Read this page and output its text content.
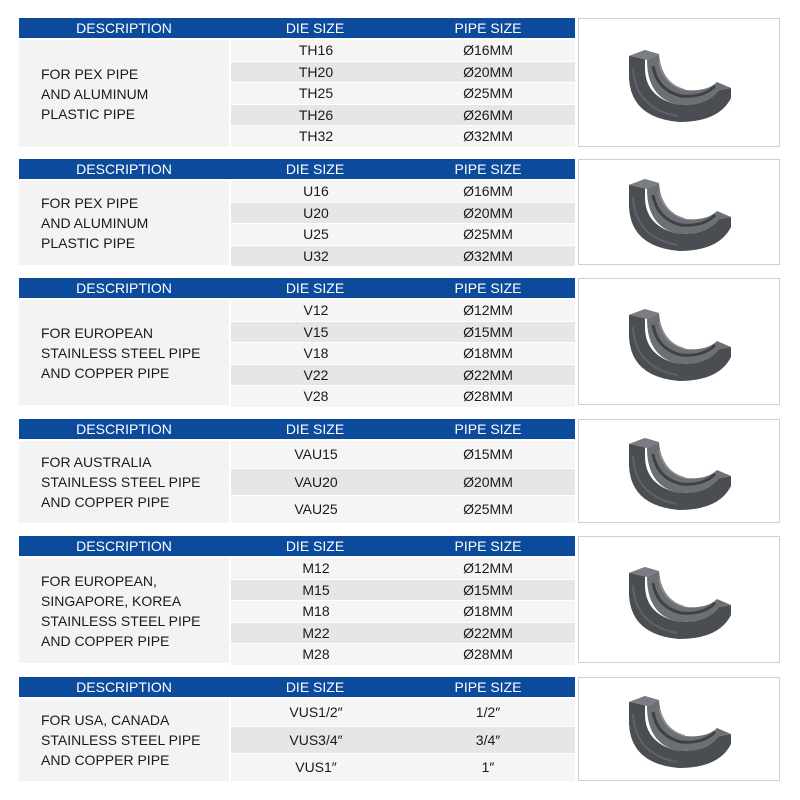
DESCRIPTION	DIE SIZE	PIPE SIZE
FOR PEX PIPE
AND ALUMINUM
PLASTIC PIPE
TH16	Ø16MM
TH20	Ø20MM
TH25	Ø25MM
TH26	Ø26MM
TH32	Ø32MM
DESCRIPTION	DIE SIZE	PIPE SIZE
FOR PEX PIPE
AND ALUMINUM
PLASTIC PIPE
U16	Ø16MM
U20	Ø20MM
U25	Ø25MM
U32	Ø32MM
DESCRIPTION	DIE SIZE	PIPE SIZE
FOR EUROPEAN
STAINLESS STEEL PIPE
AND COPPER PIPE
V12	Ø12MM
V15	Ø15MM
V18	Ø18MM
V22	Ø22MM
V28	Ø28MM
DESCRIPTION	DIE SIZE	PIPE SIZE
FOR AUSTRALIA
STAINLESS STEEL PIPE
AND COPPER PIPE
VAU15	Ø15MM
VAU20	Ø20MM
VAU25	Ø25MM
DESCRIPTION	DIE SIZE	PIPE SIZE
FOR EUROPEAN,
SINGAPORE, KOREA
STAINLESS STEEL PIPE
AND COPPER PIPE
M12	Ø12MM
M15	Ø15MM
M18	Ø18MM
M22	Ø22MM
M28	Ø28MM
DESCRIPTION	DIE SIZE	PIPE SIZE
FOR USA, CANADA
STAINLESS STEEL PIPE
AND COPPER PIPE
VUS1/2″	1/2″
VUS3/4″	3/4″
VUS1″	1″
